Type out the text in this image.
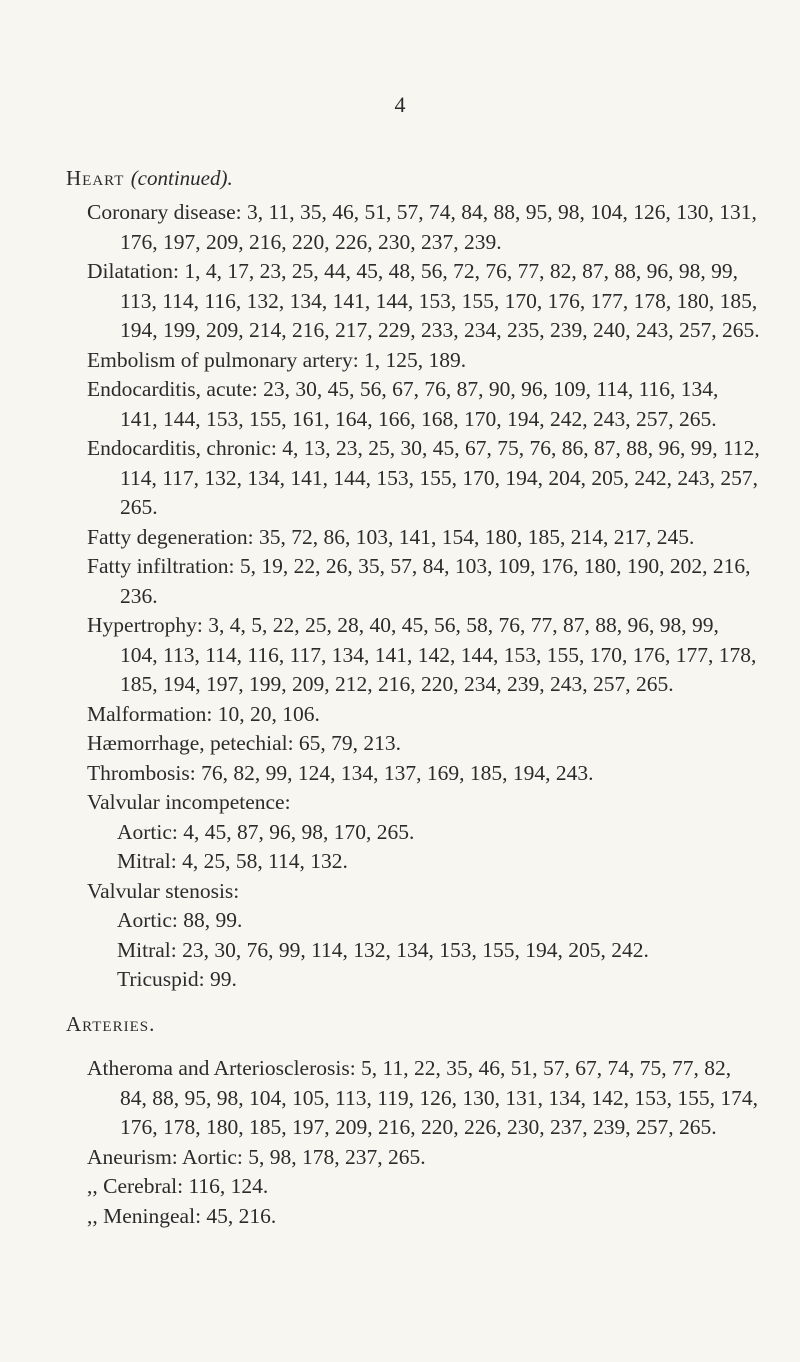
4
Heart (continued).

Coronary disease: 3, 11, 35, 46, 51, 57, 74, 84, 88, 95, 98, 104, 126, 130, 131, 176, 197, 209, 216, 220, 226, 230, 237, 239.

Dilatation: 1, 4, 17, 23, 25, 44, 45, 48, 56, 72, 76, 77, 82, 87, 88, 96, 98, 99, 113, 114, 116, 132, 134, 141, 144, 153, 155, 170, 176, 177, 178, 180, 185, 194, 199, 209, 214, 216, 217, 229, 233, 234, 235, 239, 240, 243, 257, 265.

Embolism of pulmonary artery: 1, 125, 189.

Endocarditis, acute: 23, 30, 45, 56, 67, 76, 87, 90, 96, 109, 114, 116, 134, 141, 144, 153, 155, 161, 164, 166, 168, 170, 194, 242, 243, 257, 265.

Endocarditis, chronic: 4, 13, 23, 25, 30, 45, 67, 75, 76, 86, 87, 88, 96, 99, 112, 114, 117, 132, 134, 141, 144, 153, 155, 170, 194, 204, 205, 242, 243, 257, 265.

Fatty degeneration: 35, 72, 86, 103, 141, 154, 180, 185, 214, 217, 245.

Fatty infiltration: 5, 19, 22, 26, 35, 57, 84, 103, 109, 176, 180, 190, 202, 216, 236.

Hypertrophy: 3, 4, 5, 22, 25, 28, 40, 45, 56, 58, 76, 77, 87, 88, 96, 98, 99, 104, 113, 114, 116, 117, 134, 141, 142, 144, 153, 155, 170, 176, 177, 178, 185, 194, 197, 199, 209, 212, 216, 220, 234, 239, 243, 257, 265.

Malformation: 10, 20, 106.

Hæmorrhage, petechial: 65, 79, 213.

Thrombosis: 76, 82, 99, 124, 134, 137, 169, 185, 194, 243.

Valvular incompetence:

Aortic: 4, 45, 87, 96, 98, 170, 265.

Mitral: 4, 25, 58, 114, 132.

Valvular stenosis:

Aortic: 88, 99.

Mitral: 23, 30, 76, 99, 114, 132, 134, 153, 155, 194, 205, 242.

Tricuspid: 99.

Arteries.

Atheroma and Arteriosclerosis: 5, 11, 22, 35, 46, 51, 57, 67, 74, 75, 77, 82, 84, 88, 95, 98, 104, 105, 113, 119, 126, 130, 131, 134, 142, 153, 155, 174, 176, 178, 180, 185, 197, 209, 216, 220, 226, 230, 237, 239, 257, 265.

Aneurism: Aortic: 5, 98, 178, 237, 265.

,, Cerebral: 116, 124.

,, Meningeal: 45, 216.
